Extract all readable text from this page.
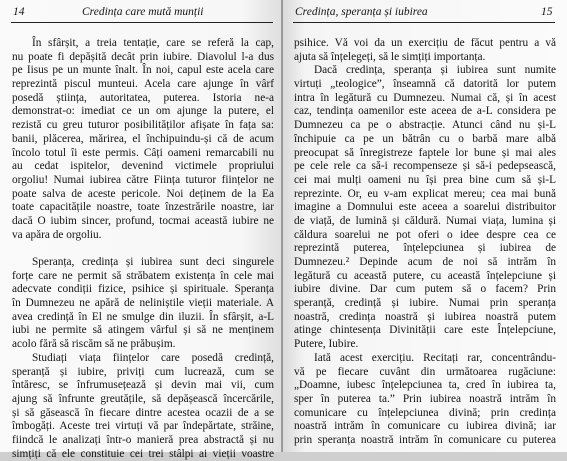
14	Credința care mută munții
În sfârșit, a treia tentație, care se referă la cap,
nu poate fi depășită decât prin iubire. Diavolul l-a dus
pe Iisus pe un munte înalt. În noi, capul este acela care
reprezintă piscul munteui. Acela care ajunge în vârf
posedă știința, autoritatea, puterea. Istoria ne-a
demonstrat-o: imediat ce un om ajunge la putere, el
rezistă cu greu tuturor posibilităților afișate în fața sa:
banii, plăcerea, mărirea, el închipuindu-și că de acum
încolo totul îi este permis. Câți oameni remarcabili nu
au cedat ispitelor, devenind victimele propriului
orgoliu! Numai iubirea către Ființa tuturor ființelor ne
poate salva de aceste pericole. Noi deținem de la Ea
toate capacitățile noastre, toate înzestrările noastre, iar
dacă O iubim sincer, profund, tocmai această iubire ne
va apăra de orgoliu.
Speranța, credința și iubirea sunt deci singurele
forțe care ne permit să străbatem existența în cele mai
adecvate condiții fizice, psihice și spirituale. Speranța
în Dumnezeu ne apără de neliniștile vieții materiale. A
avea credință în El ne smulge din iluzii. În sfârșit, a-L
iubi ne permite să atingem vârful și să ne menținem
acolo fără să riscăm să ne prăbușim.
Studiați viața ființelor care posedă credință,
speranță și iubire, priviți cum lucrează, cum se
întăresc, se înfrumusețează și devin mai vii, cum
ajung să înfrunte greutățile, să depășească încercările,
și să găsească în fiecare dintre acestea ocazii de a se
îmbogăți. Aceste trei virtuți vă par îndepărtate, străine,
fiindcă le analizați într-o manieră prea abstractă și nu
simțiți că ele constituie cei trei stâlpi ai vieții voastre
Credința, speranța și iubirea	15
psihice. Vă voi da un exercițiu de făcut pentru a vă
ajuta să înțelegeți, să le simțiți importanța.
Dacă credința, speranța și iubirea sunt numite
virtuți „teologice”, înseamnă că datorită lor putem
intra în legătură cu Dumnezeu. Numai că, și în acest
caz, tendința oamenilor este aceea de a-L considera pe
Dumnezeu ca pe o abstracție. Atunci când nu și-L
închipuie ca pe un bătrân cu o barbă mare albă
preocupat să înregistreze faptele lor bune și mai ales
pe cele rele ca să-i recompenseze și să-i pedepsească,
cei mai mulți oameni nu își prea bine cum să și-L
reprezinte. Or, eu v-am explicat mereu; cea mai bună
imagine a Domnului este aceea a soarelui distribuitor
de viață, de lumină și căldură. Numai viața, lumina și
căldura soarelui ne pot oferi o idee despre cea ce
reprezintă puterea, înțelepciunea și iubirea de
Dumnezeu.² Depinde acum de noi să intrăm în
legătură cu această putere, cu această înțelepciune și
iubire divine. Dar cum putem să o facem? Prin
speranță, credință și iubire. Numai prin speranța
noastră, credința noastră și iubirea noastră putem
atinge chintesența Divinității care este Înțelepciune,
Putere, Iubire.
Iată acest exercițiu. Recitați rar, concentrându-
vă pe fiecare cuvânt din următoarea rugăciune:
„Doamne, iubesc înțelepciunea ta, cred în iubirea ta,
sper în puterea ta.” Prin iubirea noastră intrăm în
comunicare cu înțelepciunea divină; prin credința
noastră intrăm în comunicare cu iubirea divină; iar
prin speranța noastră intrăm în comunicare cu puterea
